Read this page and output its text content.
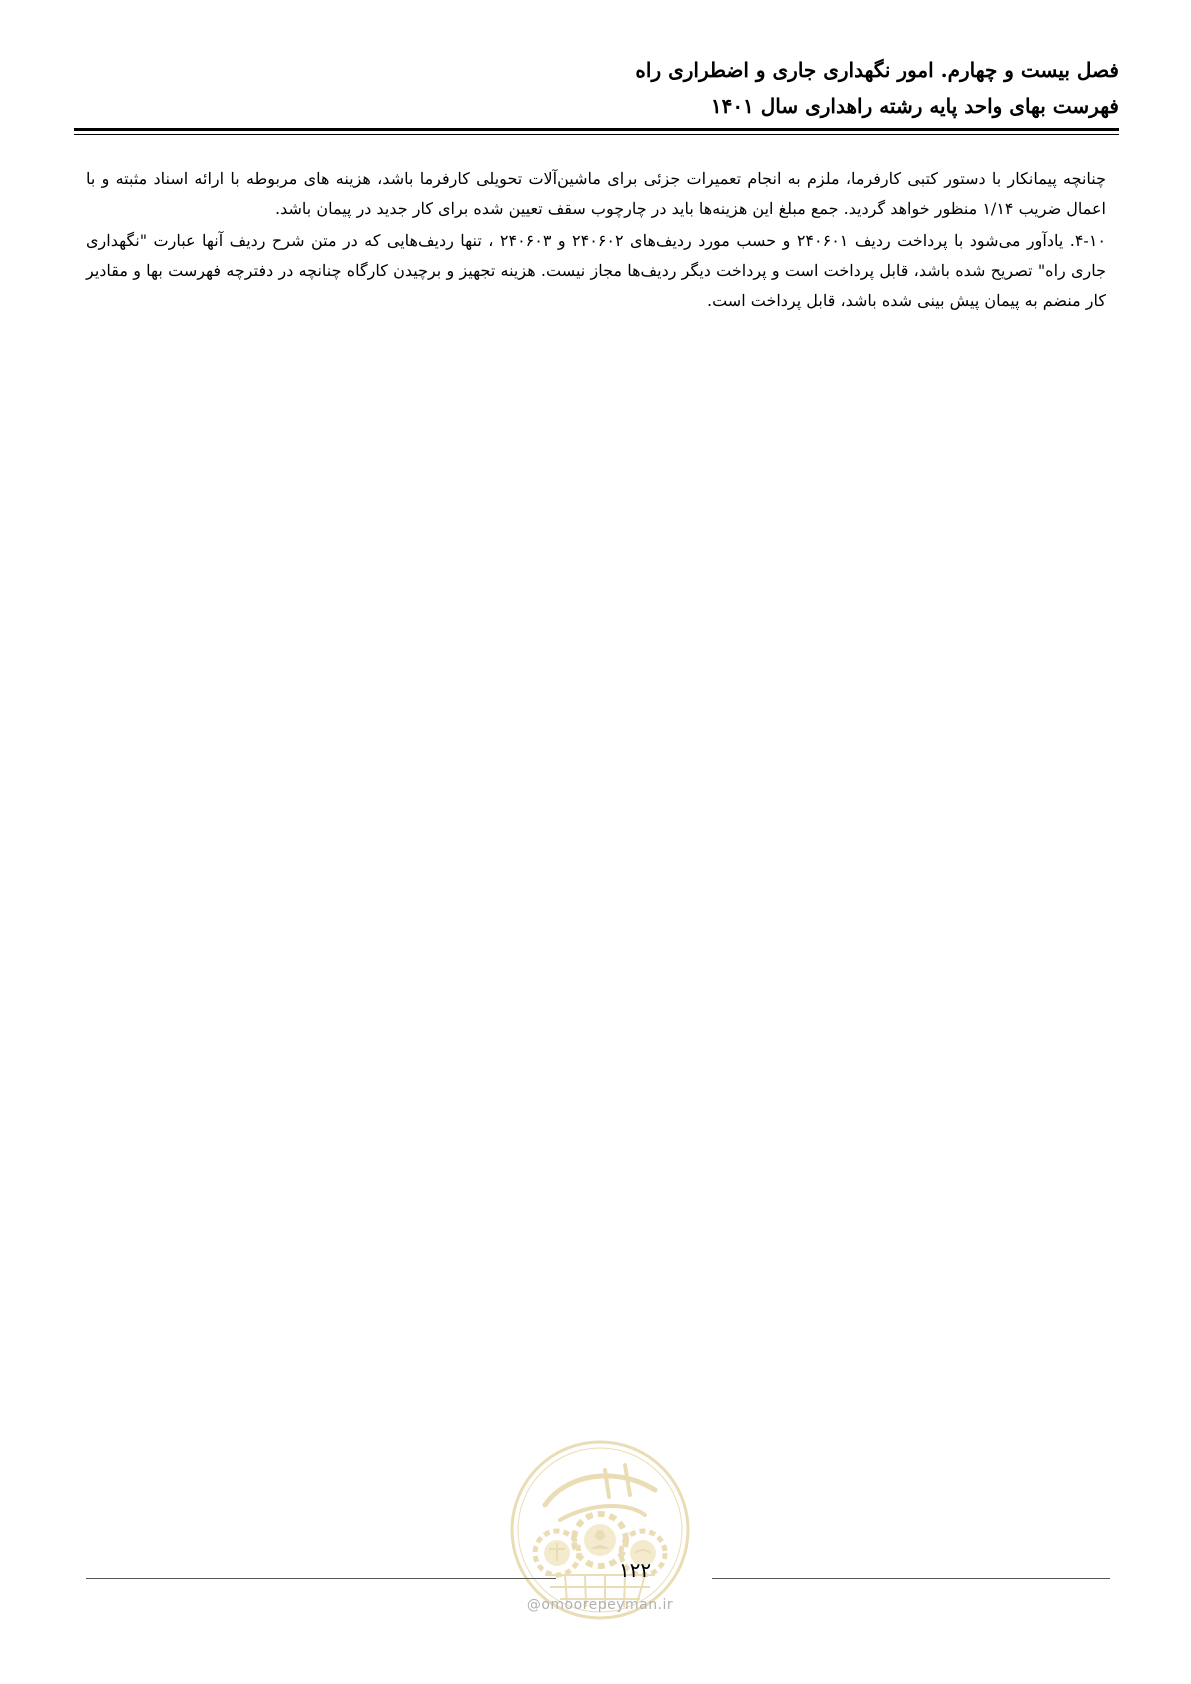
فصل بیست و چهارم. امور نگهداری جاری و اضطراری راه
فهرست بهای واحد پایه رشته راهداری سال ۱۴۰۱

چنانچه پیمانکار با دستور کتبی کارفرما، ملزم به انجام تعمیرات جزئی برای ماشین‌آلات تحویلی کارفرما باشد، هزینه های مربوطه با ارائه اسناد مثبته و با اعمال ضریب ۱/۱۴ منظور خواهد گردید. جمع مبلغ این هزینه‌ها باید در چارچوب سقف تعیین شده برای کار جدید در پیمان باشد.

۴-۱۰. یادآور می‌شود با پرداخت ردیف ۲۴۰۶۰۱ و حسب مورد ردیف‌های ۲۴۰۶۰۲ و ۲۴۰۶۰۳ ، تنها ردیف‌هایی که در متن شرح ردیف آنها عبارت "نگهداری جاری راه" تصریح شده باشد، قابل پرداخت است و پرداخت دیگر ردیف‌ها مجاز نیست. هزینه تجهیز و برچیدن کارگاه چنانچه در دفترچه فهرست بها و مقادیر کار منضم به پیمان پیش بینی شده باشد، قابل پرداخت است.

۱۲۲
@omoorepeyman.ir
